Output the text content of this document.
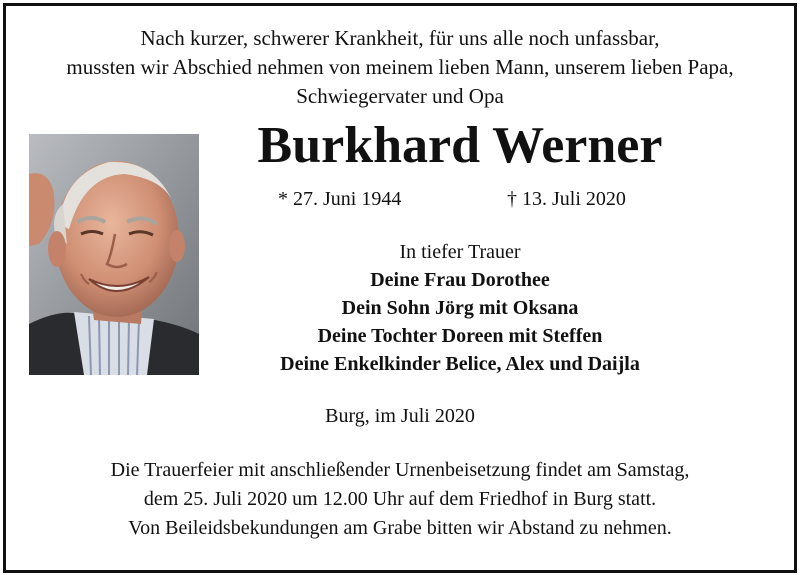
Nach kurzer, schwerer Krankheit, für uns alle noch unfassbar,
mussten wir Abschied nehmen von meinem lieben Mann, unserem lieben Papa,
Schwiegervater und Opa
Burkhard Werner
* 27. Juni 1944	† 13. Juli 2020
In tiefer Trauer
Deine Frau Dorothee
Dein Sohn Jörg mit Oksana
Deine Tochter Doreen mit Steffen
Deine Enkelkinder Belice, Alex und Daijla
Burg, im Juli 2020
Die Trauerfeier mit anschließender Urnenbeisetzung findet am Samstag,
dem 25. Juli 2020 um 12.00 Uhr auf dem Friedhof in Burg statt.
Von Beileidsbekundungen am Grabe bitten wir Abstand zu nehmen.
